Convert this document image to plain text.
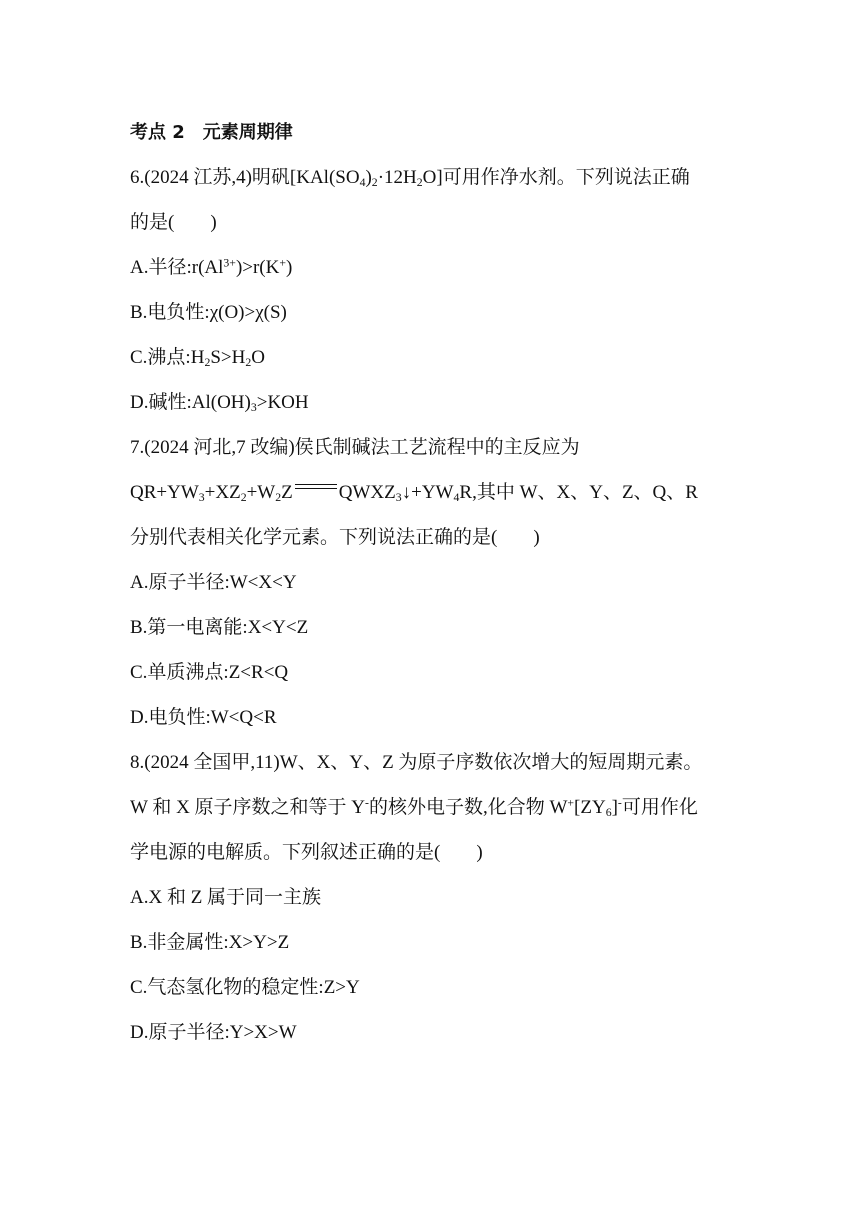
考点 2 元素周期律
6.(2024 江苏,4)明矾$[KAl(SO_4)_2\cdot 12H_2O]$可用作净水剂。下列说法正确
的是( )
A.半径$:r(Al^{3+})>r(K^+)$
B.电负性:χ(O)>χ(S)
C.沸点$:H_2S>H_2O$
D.碱性$:Al(OH)_3>KOH$
7.(2024 河北,7 改编)侯氏制碱法工艺流程中的主反应为
$QR+YW_3+XZ_2+W_2Z$ $QWXZ_3↓+YW_4R$,其中 W、X、Y、Z、Q、R
分别代表相关化学元素。下列说法正确的是( )
A.原子半径:W<X<Y
B.第一电离能:X<Y<Z
C.单质沸点:Z<R<Q
D.电负性:W<Q<R
8.(2024 全国甲,11)W、X、Y、Z 为原子序数依次增大的短周期元素。
W 和 X 原子序数之和等于 Y-的核外电子数,化合物 $W^+[ZY_6]^-$可用作化
学电源的电解质。下列叙述正确的是( )
A.X 和 Z 属于同一主族
B.非金属性:X>Y>Z
C.气态氢化物的稳定性:Z>Y
D.原子半径:Y>X>W
